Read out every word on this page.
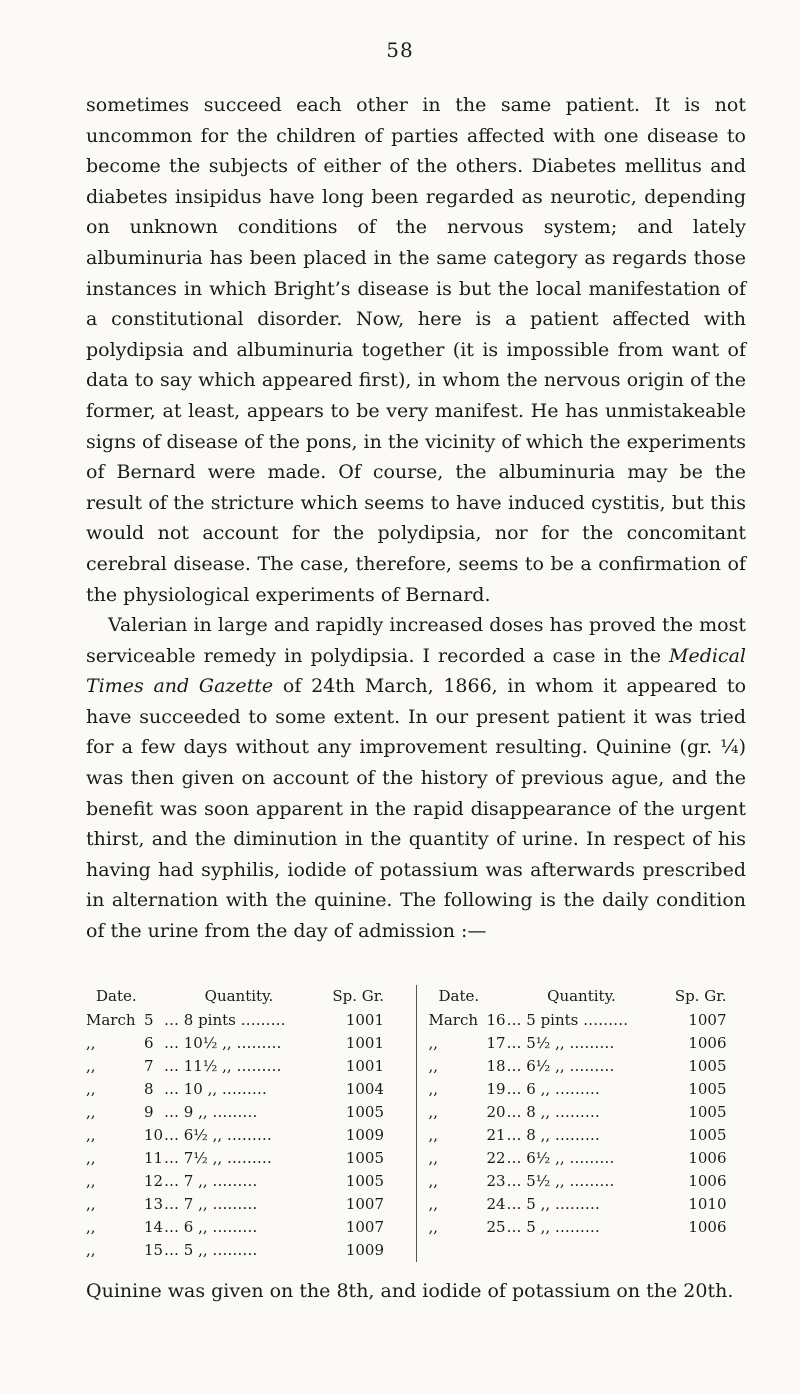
58

sometimes succeed each other in the same patient. It is not uncommon for the children of parties affected with one disease to become the subjects of either of the others. Diabetes mellitus and diabetes insipidus have long been regarded as neurotic, depending on unknown conditions of the nervous system; and lately albuminuria has been placed in the same category as regards those instances in which Bright’s disease is but the local manifestation of a constitutional disorder. Now, here is a patient affected with polydipsia and albuminuria together (it is impossible from want of data to say which appeared first), in whom the nervous origin of the former, at least, appears to be very manifest. He has unmistakeable signs of disease of the pons, in the vicinity of which the experiments of Bernard were made. Of course, the albuminuria may be the result of the stricture which seems to have induced cystitis, but this would not account for the polydipsia, nor for the concomitant cerebral disease. The case, therefore, seems to be a confirmation of the physiological experiments of Bernard.

Valerian in large and rapidly increased doses has proved the most serviceable remedy in polydipsia. I recorded a case in the Medical Times and Gazette of 24th March, 1866, in whom it appeared to have succeeded to some extent. In our present patient it was tried for a few days without any improvement resulting. Quinine (gr. ¼) was then given on account of the history of previous ague, and the benefit was soon apparent in the rapid disappearance of the urgent thirst, and the diminution in the quantity of urine. In respect of his having had syphilis, iodide of potassium was afterwards prescribed in alternation with the quinine. The following is the daily condition of the urine from the day of admission :—

Date.	Quantity.	Sp. Gr.
March 5 … 8 pints ………	1001
,,	6 … 10½ ,, ………	1001
,,	7 … 11½ ,, ………	1001
,,	8 … 10 ,, ………	1004
,,	9 … 9 ,, ………	1005
,,	10 … 6½ ,, ………	1009
,,	11 … 7½ ,, ………	1005
,,	12 … 7 ,, ………	1005
,,	13 … 7 ,, ………	1007
,,	14 … 6 ,, ………	1007
,,	15 … 5 ,, ………	1009
Date.	Quantity.	Sp. Gr.
March 16 … 5 pints ………	1007
,,	17 … 5½ ,, ………	1006
,,	18 … 6½ ,, ………	1005
,,	19 … 6 ,, ………	1005
,,	20 … 8 ,, ………	1005
,,	21 … 8 ,, ………	1005
,,	22 … 6½ ,, ………	1006
,,	23 … 5½ ,, ………	1006
,,	24 … 5 ,, ………	1010
,,	25 … 5 ,, ………	1006
Quinine was given on the 8th, and iodide of potassium on the 20th.
